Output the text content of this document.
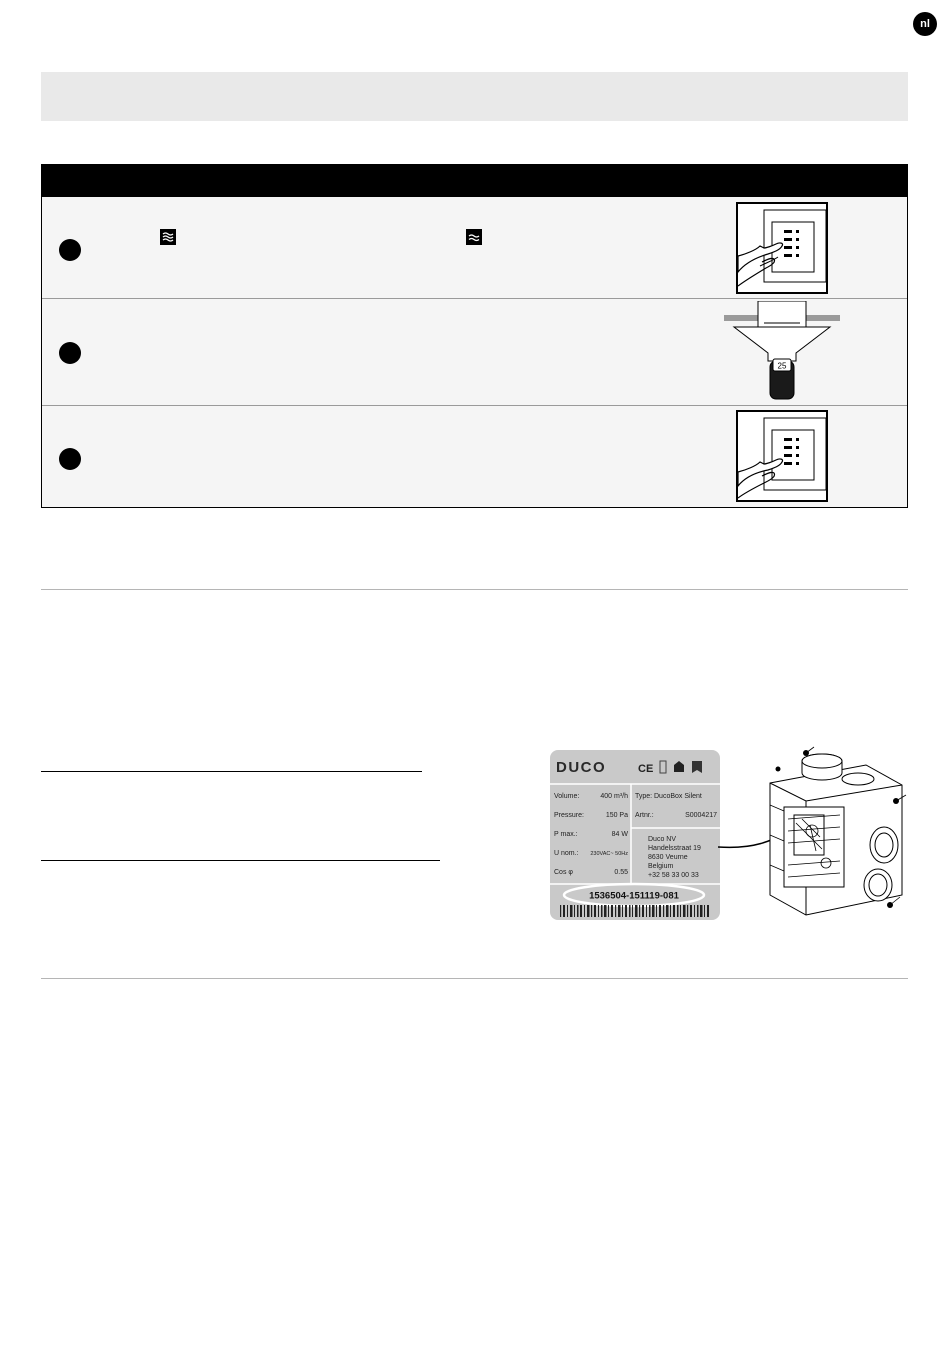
nl
25
DUCO	CE
Volume:	400 m³/h
Pressure:	150 Pa
P max.:	84 W
U nom.: 230VAC~ 50Hz
Cos φ	0.55
Type: DucoBox Silent
Artnr.:	S0004217
Duco NV
Handelsstraat 19
8630 Veurne
Belgium
+32 58 33 00 33
1536504-151119-081
